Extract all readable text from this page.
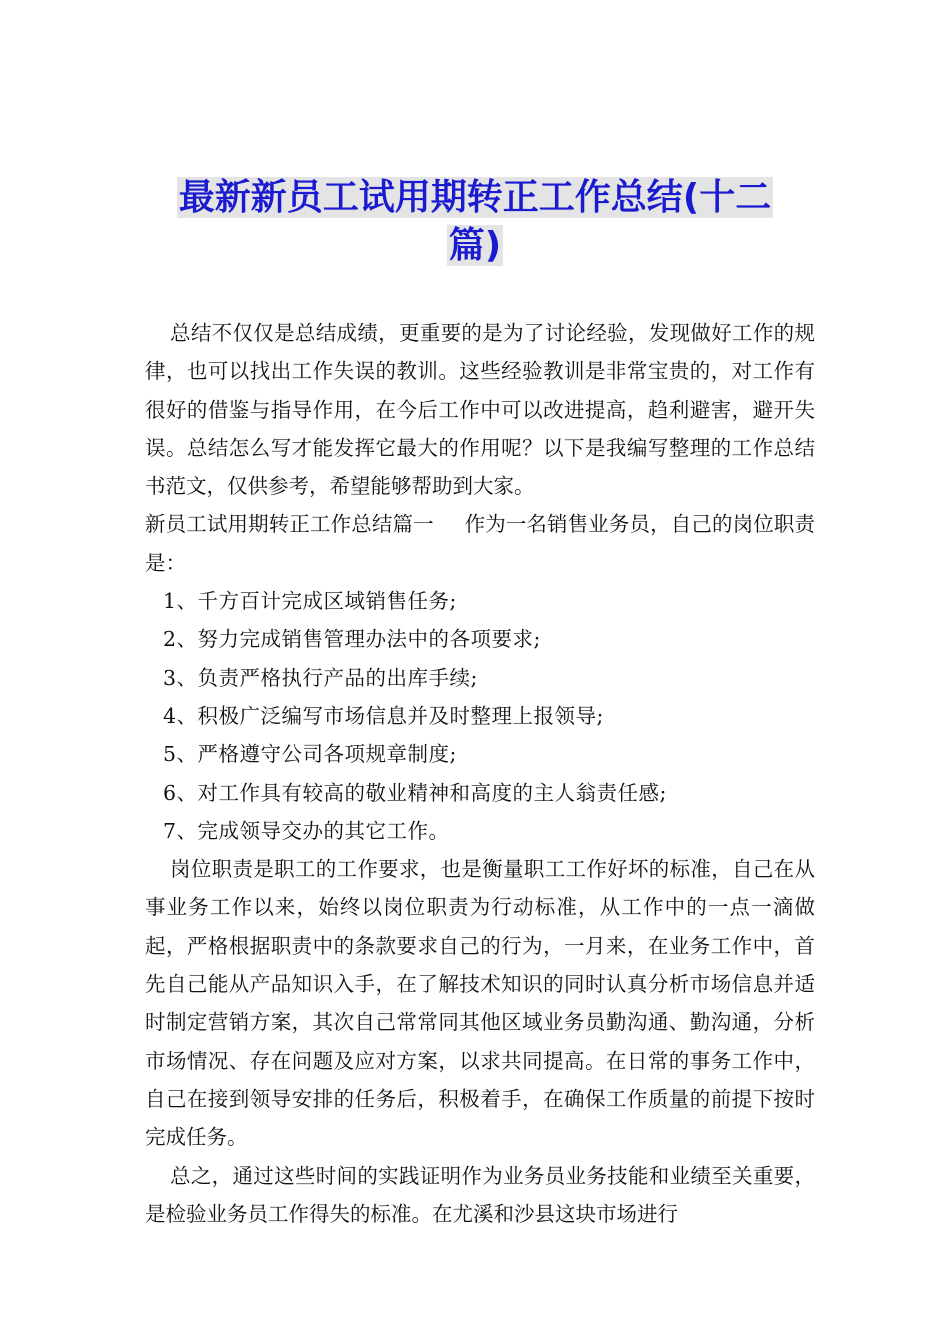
最新新员工试用期转正工作总结(十二
篇)

总结不仅仅是总结成绩，更重要的是为了讨论经验，发现做好工作的规律，也可以找出工作失误的教训。这些经验教训是非常宝贵的，对工作有很好的借鉴与指导作用，在今后工作中可以改进提高，趋利避害，避开失误。总结怎么写才能发挥它最大的作用呢？以下是我编写整理的工作总结书范文，仅供参考，希望能够帮助到大家。

新员工试用期转正工作总结篇一   作为一名销售业务员，自己的岗位职责是：

1、千方百计完成区域销售任务;

2、努力完成销售管理办法中的各项要求;

3、负责严格执行产品的出库手续;

4、积极广泛编写市场信息并及时整理上报领导;

5、严格遵守公司各项规章制度;

6、对工作具有较高的敬业精神和高度的主人翁责任感;

7、完成领导交办的其它工作。

岗位职责是职工的工作要求，也是衡量职工工作好坏的标准，自己在从事业务工作以来，始终以岗位职责为行动标准，从工作中的一点一滴做起，严格根据职责中的条款要求自己的行为，一月来，在业务工作中，首先自己能从产品知识入手，在了解技术知识的同时认真分析市场信息并适时制定营销方案，其次自己常常同其他区域业务员勤沟通、勤沟通，分析市场情况、存在问题及应对方案，以求共同提高。在日常的事务工作中，自己在接到领导安排的任务后，积极着手，在确保工作质量的前提下按时完成任务。

总之，通过这些时间的实践证明作为业务员业务技能和业绩至关重要，是检验业务员工作得失的标准。在尤溪和沙县这块市场进行
